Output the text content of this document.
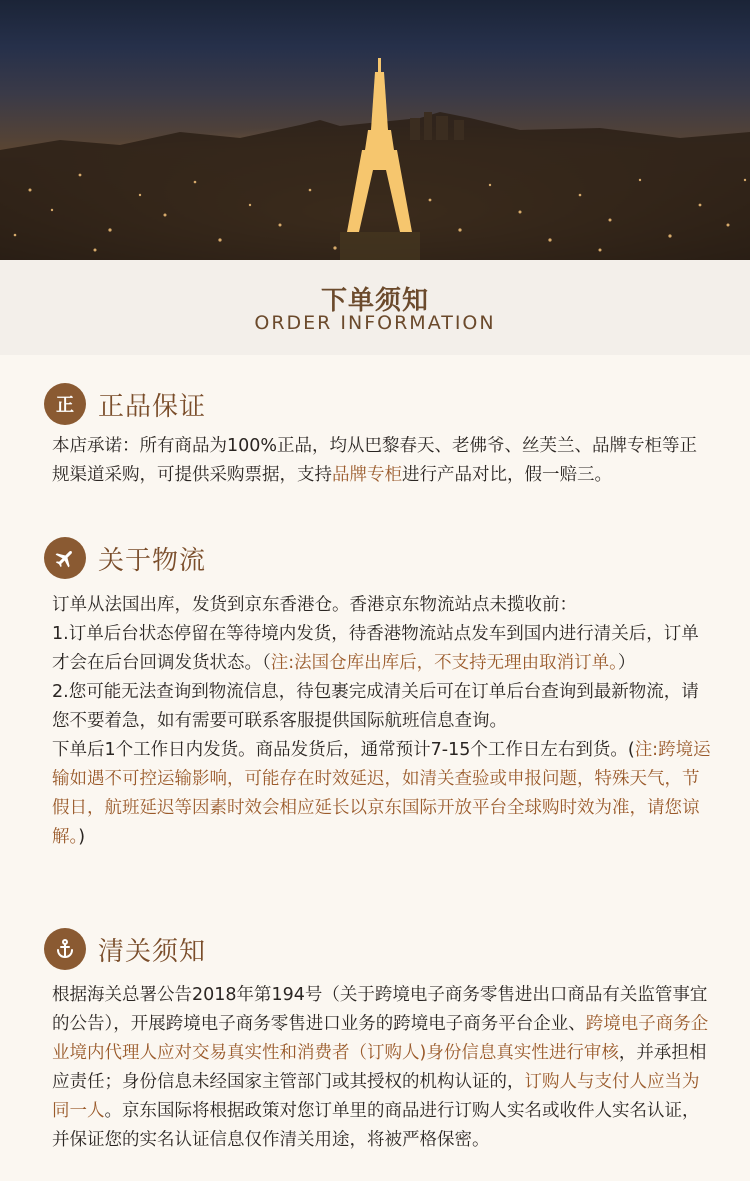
下单须知
ORDER INFORMATION
正 正品保证
本店承诺：所有商品为100%正品，均从巴黎春天、老佛爷、丝芙兰、品牌专柜等正规渠道采购，可提供采购票据，支持品牌专柜进行产品对比，假一赔三。
关于物流
订单从法国出库，发货到京东香港仓。香港京东物流站点未揽收前：
1.订单后台状态停留在等待境内发货，待香港物流站点发车到国内进行清关后，订单才会在后台回调发货状态。（注:法国仓库出库后，不支持无理由取消订单。）
2.您可能无法查询到物流信息，待包裹完成清关后可在订单后台查询到最新物流，请您不要着急，如有需要可联系客服提供国际航班信息查询。
下单后1个工作日内发货。商品发货后，通常预计7-15个工作日左右到货。(注:跨境运输如遇不可控运输影响，可能存在时效延迟，如清关查验或申报问题，特殊天气，节假日，航班延迟等因素时效会相应延长以京东国际开放平台全球购时效为准，请您谅解。)
清关须知
根据海关总署公告2018年第194号（关于跨境电子商务零售进出口商品有关监管事宜的公告），开展跨境电子商务零售进口业务的跨境电子商务平台企业、跨境电子商务企业境内代理人应对交易真实性和消费者（订购人)身份信息真实性进行审核，并承担相应责任；身份信息未经国家主管部门或其授权的机构认证的，订购人与支付人应当为同一人。京东国际将根据政策对您订单里的商品进行订购人实名或收件人实名认证，并保证您的实名认证信息仅作清关用途，将被严格保密。
